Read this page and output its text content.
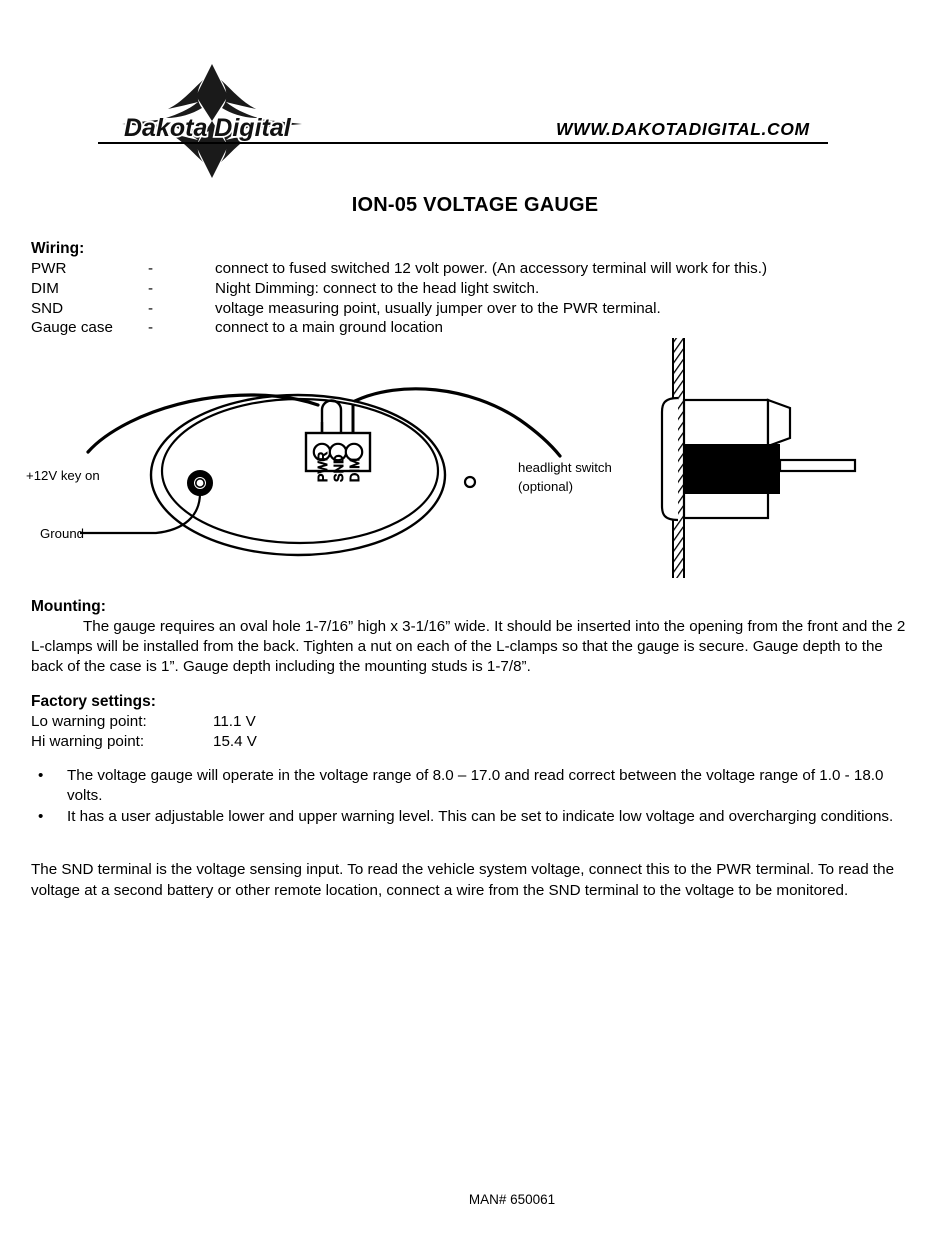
Dakota Digital	WWW.DAKOTADIGITAL.COM
ION-05 VOLTAGE GAUGE
Wiring:
PWR	-	connect to fused switched 12 volt power. (An accessory terminal will work for this.)
DIM	-	Night Dimming: connect to the head light switch.
SND	-	voltage measuring point, usually jumper over to the PWR terminal.
Gauge case	-	connect to a main ground location
PWR SND DIM
+12V key on
Ground
headlight switch
(optional)
Mounting:
The gauge requires an oval hole 1-7/16” high x 3-1/16” wide. It should be inserted into the opening from the front and the 2 L-clamps will be installed from the back. Tighten a nut on each of the L-clamps so that the gauge is secure. Gauge depth to the back of the case is 1”. Gauge depth including the mounting studs is 1-7/8”.
Factory settings:
Lo warning point:	11.1 V
Hi warning point:	15.4 V
• The voltage gauge will operate in the voltage range of 8.0 – 17.0 and read correct between the voltage range of 1.0 - 18.0 volts.
• It has a user adjustable lower and upper warning level. This can be set to indicate low voltage and overcharging conditions.
The SND terminal is the voltage sensing input. To read the vehicle system voltage, connect this to the PWR terminal. To read the voltage at a second battery or other remote location, connect a wire from the SND terminal to the voltage to be monitored.
MAN# 650061
